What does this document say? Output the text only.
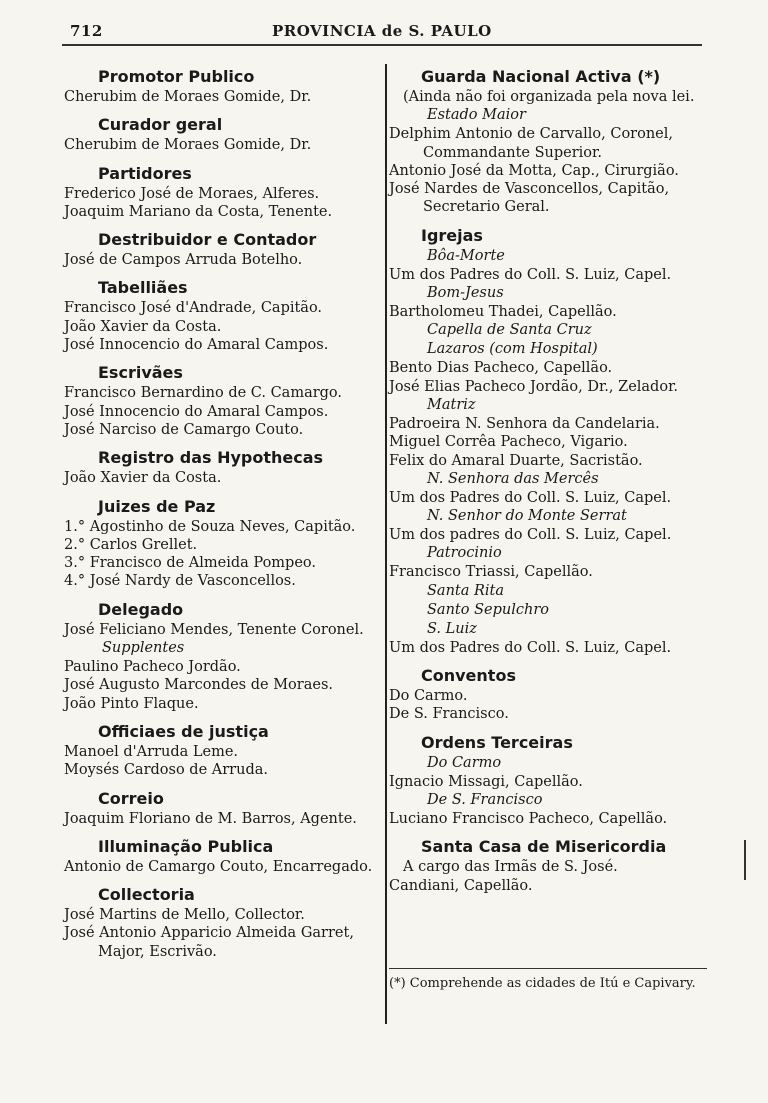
712	PROVINCIA de S. PAULO
Promotor Publico
Cherubim de Moraes Gomide, Dr.
Curador geral
Cherubim de Moraes Gomide, Dr.
Partidores
Frederico José de Moraes, Alferes.
Joaquim Mariano da Costa, Tenente.
Destribuidor e Contador
José de Campos Arruda Botelho.
Tabelliães
Francisco José d'Andrade, Capitão.
João Xavier da Costa.
José Innocencio do Amaral Campos.
Escrivães
Francisco Bernardino de C. Camargo.
José Innocencio do Amaral Campos.
José Narciso de Camargo Couto.
Registro das Hypothecas
João Xavier da Costa.
Juizes de Paz
1.° Agostinho de Souza Neves, Capitão.
2.° Carlos Grellet.
3.° Francisco de Almeida Pompeo.
4.° José Nardy de Vasconcellos.
Delegado
José Feliciano Mendes, Tenente Coronel.
Supplentes
Paulino Pacheco Jordão.
José Augusto Marcondes de Moraes.
João Pinto Flaque.
Officiaes de justiça
Manoel d'Arruda Leme.
Moysés Cardoso de Arruda.
Correio
Joaquim Floriano de M. Barros, Agente.
Illuminação Publica
Antonio de Camargo Couto, Encarregado.
Collectoria
José Martins de Mello, Collector.
José Antonio Apparicio Almeida Garret,
Major, Escrivão.
Guarda Nacional Activa (*)
(Ainda não foi organizada pela nova lei.
Estado Maior
Delphim Antonio de Carvallo, Coronel,
Commandante Superior.
Antonio José da Motta, Cap., Cirurgião.
José Nardes de Vasconcellos, Capitão,
Secretario Geral.
Igrejas
Bôa-Morte
Um dos Padres do Coll. S. Luiz, Capel.
Bom-Jesus
Bartholomeu Thadei, Capellão.
Capella de Santa Cruz
Lazaros (com Hospital)
Bento Dias Pacheco, Capellão.
José Elias Pacheco Jordão, Dr., Zelador.
Matriz
Padroeira N. Senhora da Candelaria.
Miguel Corrêa Pacheco, Vigario.
Felix do Amaral Duarte, Sacristão.
N. Senhora das Mercês
Um dos Padres do Coll. S. Luiz, Capel.
N. Senhor do Monte Serrat
Um dos padres do Coll. S. Luiz, Capel.
Patrocinio
Francisco Triassi, Capellão.
Santa Rita
Santo Sepulchro
S. Luiz
Um dos Padres do Coll. S. Luiz, Capel.
Conventos
Do Carmo.
De S. Francisco.
Ordens Terceiras
Do Carmo
Ignacio Missagi, Capellão.
De S. Francisco
Luciano Francisco Pacheco, Capellão.
Santa Casa de Misericordia
A cargo das Irmãs de S. José.
Candiani, Capellão.
(*) Comprehende as cidades de Itú e Capivary.
